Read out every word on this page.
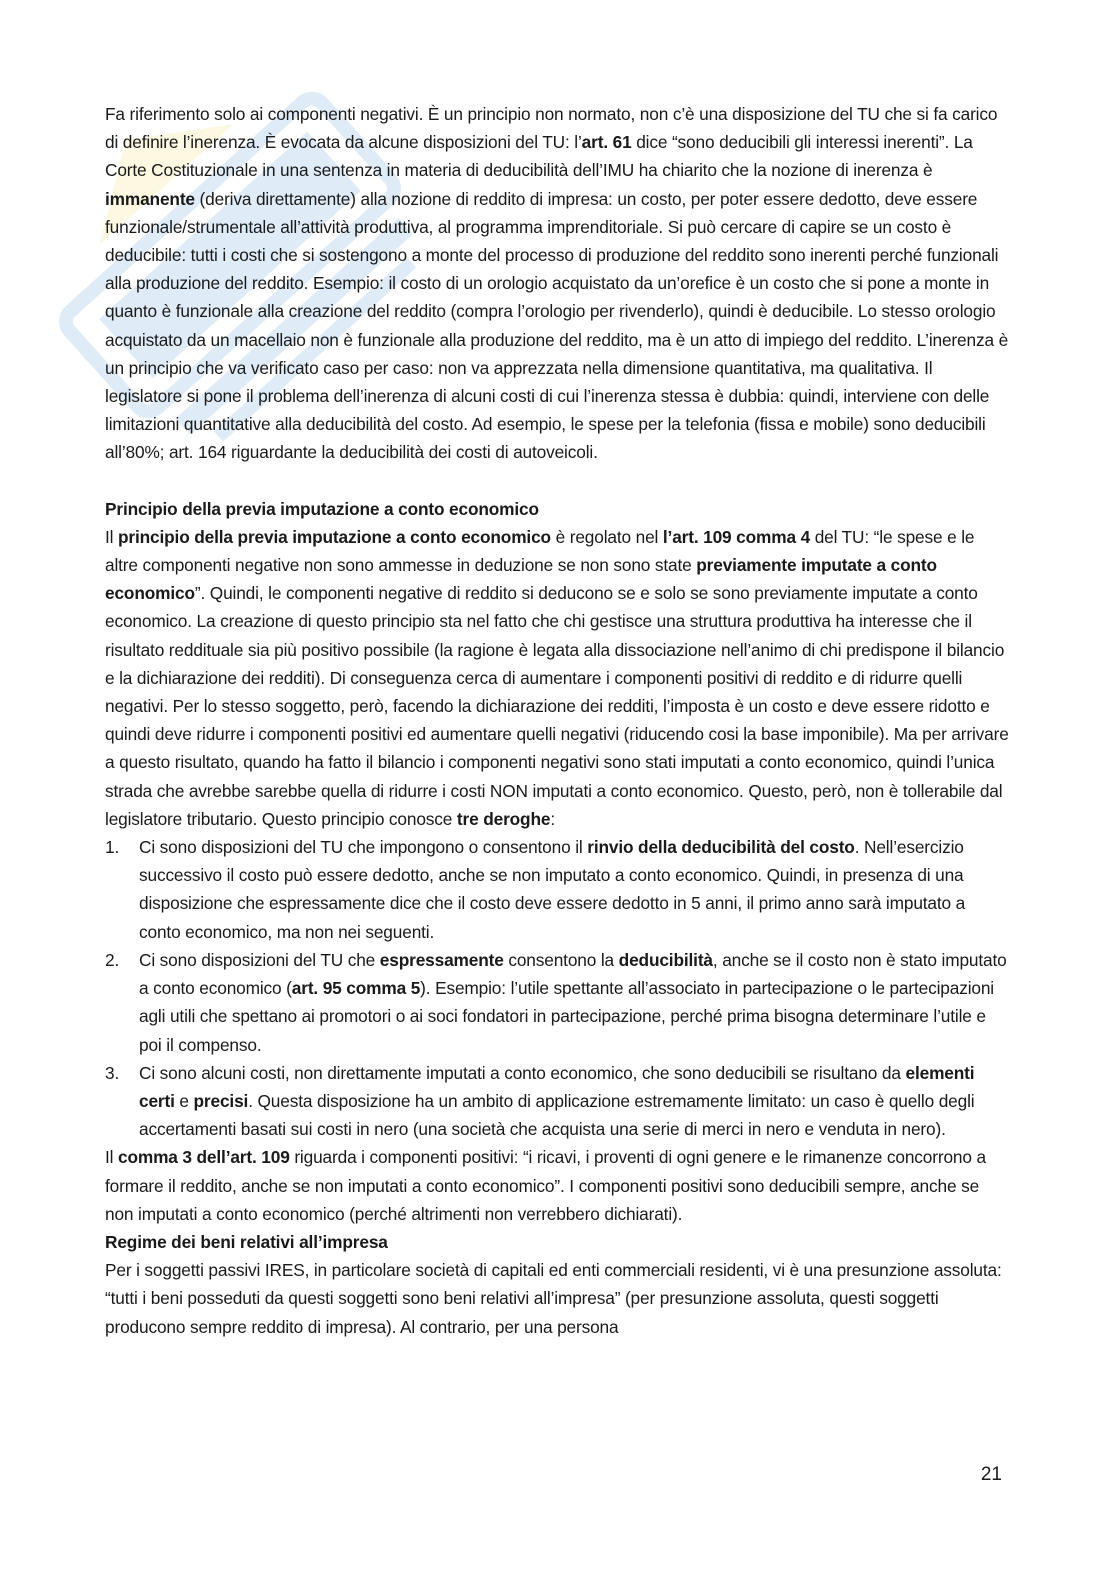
Fa riferimento solo ai componenti negativi. È un principio non normato, non c’è una disposizione del TU che si fa carico di definire l’inerenza. È evocata da alcune disposizioni del TU: l’art. 61 dice “sono deducibili gli interessi inerenti”. La Corte Costituzionale in una sentenza in materia di deducibilità dell’IMU ha chiarito che la nozione di inerenza è immanente (deriva direttamente) alla nozione di reddito di impresa: un costo, per poter essere dedotto, deve essere funzionale/strumentale all’attività produttiva, al programma imprenditoriale. Si può cercare di capire se un costo è deducibile: tutti i costi che si sostengono a monte del processo di produzione del reddito sono inerenti perché funzionali alla produzione del reddito. Esempio: il costo di un orologio acquistato da un’orefice è un costo che si pone a monte in quanto è funzionale alla creazione del reddito (compra l’orologio per rivenderlo), quindi è deducibile. Lo stesso orologio acquistato da un macellaio non è funzionale alla produzione del reddito, ma è un atto di impiego del reddito. L’inerenza è un principio che va verificato caso per caso: non va apprezzata nella dimensione quantitativa, ma qualitativa. Il legislatore si pone il problema dell’inerenza di alcuni costi di cui l’inerenza stessa è dubbia: quindi, interviene con delle limitazioni quantitative alla deducibilità del costo. Ad esempio, le spese per la telefonia (fissa e mobile) sono deducibili all’80%; art. 164 riguardante la deducibilità dei costi di autoveicoli.

Principio della previa imputazione a conto economico

Il principio della previa imputazione a conto economico è regolato nel l’art. 109 comma 4 del TU: “le spese e le altre componenti negative non sono ammesse in deduzione se non sono state previamente imputate a conto economico”. Quindi, le componenti negative di reddito si deducono se e solo se sono previamente imputate a conto economico. La creazione di questo principio sta nel fatto che chi gestisce una struttura produttiva ha interesse che il risultato reddituale sia più positivo possibile (la ragione è legata alla dissociazione nell’animo di chi predispone il bilancio e la dichiarazione dei redditi). Di conseguenza cerca di aumentare i componenti positivi di reddito e di ridurre quelli negativi. Per lo stesso soggetto, però, facendo la dichiarazione dei redditi, l’imposta è un costo e deve essere ridotto e quindi deve ridurre i componenti positivi ed aumentare quelli negativi (riducendo cosi la base imponibile). Ma per arrivare a questo risultato, quando ha fatto il bilancio i componenti negativi sono stati imputati a conto economico, quindi l’unica strada che avrebbe sarebbe quella di ridurre i costi NON imputati a conto economico. Questo, però, non è tollerabile dal legislatore tributario. Questo principio conosce tre deroghe:

1. Ci sono disposizioni del TU che impongono o consentono il rinvio della deducibilità del costo. Nell’esercizio successivo il costo può essere dedotto, anche se non imputato a conto economico. Quindi, in presenza di una disposizione che espressamente dice che il costo deve essere dedotto in 5 anni, il primo anno sarà imputato a conto economico, ma non nei seguenti.
2. Ci sono disposizioni del TU che espressamente consentono la deducibilità, anche se il costo non è stato imputato a conto economico (art. 95 comma 5). Esempio: l’utile spettante all’associato in partecipazione o le partecipazioni agli utili che spettano ai promotori o ai soci fondatori in partecipazione, perché prima bisogna determinare l’utile e poi il compenso.
3. Ci sono alcuni costi, non direttamente imputati a conto economico, che sono deducibili se risultano da elementi certi e precisi. Questa disposizione ha un ambito di applicazione estremamente limitato: un caso è quello degli accertamenti basati sui costi in nero (una società che acquista una serie di merci in nero e venduta in nero).

Il comma 3 dell’art. 109 riguarda i componenti positivi: “i ricavi, i proventi di ogni genere e le rimanenze concorrono a formare il reddito, anche se non imputati a conto economico”. I componenti positivi sono deducibili sempre, anche se non imputati a conto economico (perché altrimenti non verrebbero dichiarati).

Regime dei beni relativi all’impresa

Per i soggetti passivi IRES, in particolare società di capitali ed enti commerciali residenti, vi è una presunzione assoluta: “tutti i beni posseduti da questi soggetti sono beni relativi all’impresa” (per presunzione assoluta, questi soggetti producono sempre reddito di impresa). Al contrario, per una persona

21
